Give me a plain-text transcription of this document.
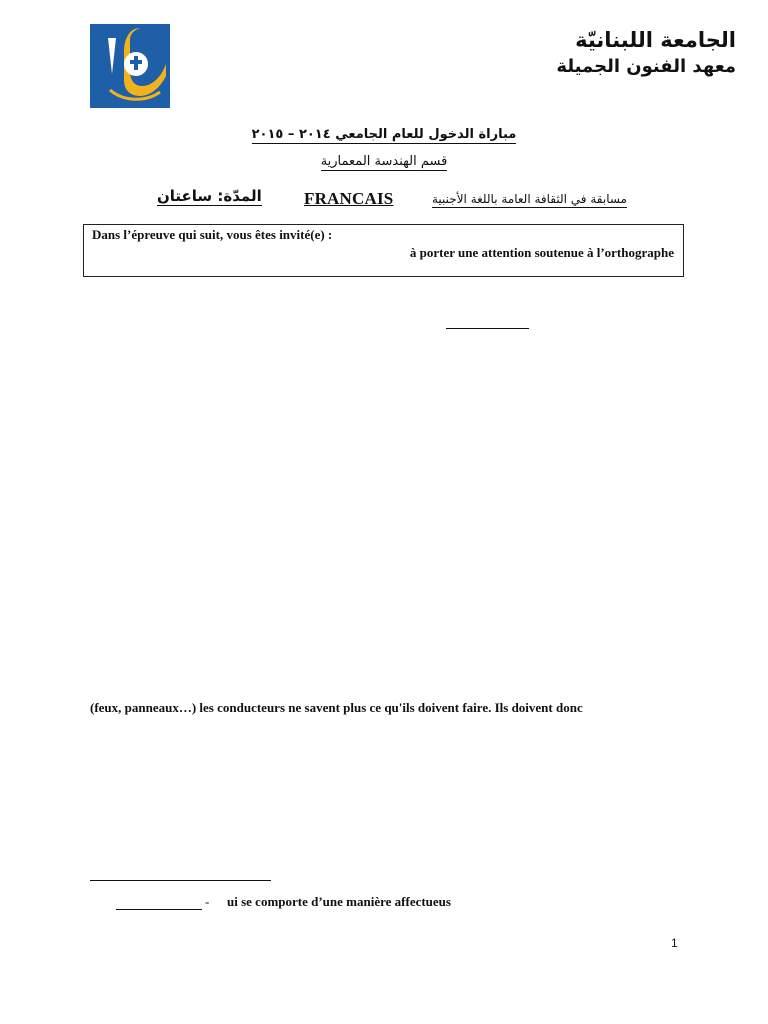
الجامعة اللبنانيّة
معهد الفنون الجميلة
مباراة الدخول للعام الجامعي ٢٠١٤ – ٢٠١٥
قسم الهندسة المعمارية
المدّة: ساعتان FRANCAIS	مسابقة في الثقافة العامة باللغة الأجنبية
Dans l’épreuve qui suit, vous êtes invité(e) :
à porter une attention soutenue à l’orthographe
(feux, panneaux…) les conducteurs ne savent plus ce qu'ils doivent faire. Ils doivent donc
- ui se comporte d’une manière affectueus
1
